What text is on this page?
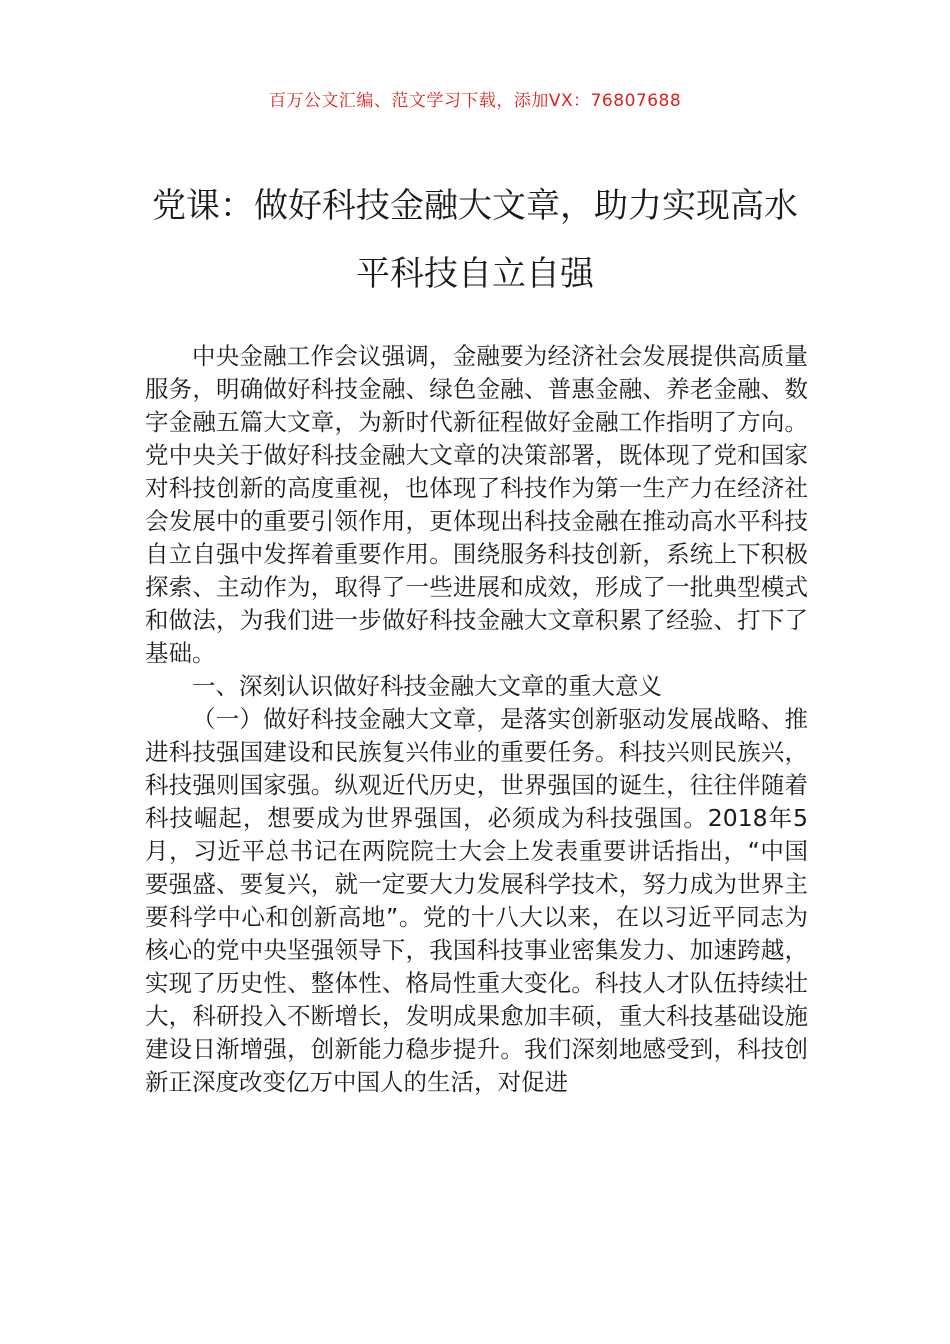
百万公文汇编、范文学习下载，添加VX：76807688
党课：做好科技金融大文章，助力实现高水平科技自立自强

中央金融工作会议强调，金融要为经济社会发展提供高质量服务，明确做好科技金融、绿色金融、普惠金融、养老金融、数字金融五篇大文章，为新时代新征程做好金融工作指明了方向。党中央关于做好科技金融大文章的决策部署，既体现了党和国家对科技创新的高度重视，也体现了科技作为第一生产力在经济社会发展中的重要引领作用，更体现出科技金融在推动高水平科技自立自强中发挥着重要作用。围绕服务科技创新，系统上下积极探索、主动作为，取得了一些进展和成效，形成了一批典型模式和做法，为我们进一步做好科技金融大文章积累了经验、打下了基础。

一、深刻认识做好科技金融大文章的重大意义

（一）做好科技金融大文章，是落实创新驱动发展战略、推进科技强国建设和民族复兴伟业的重要任务。科技兴则民族兴，科技强则国家强。纵观近代历史，世界强国的诞生，往往伴随着科技崛起，想要成为世界强国，必须成为科技强国。2018年5月，习近平总书记在两院院士大会上发表重要讲话指出，“中国要强盛、要复兴，就一定要大力发展科学技术，努力成为世界主要科学中心和创新高地”。党的十八大以来，在以习近平同志为核心的党中央坚强领导下，我国科技事业密集发力、加速跨越，实现了历史性、整体性、格局性重大变化。科技人才队伍持续壮大，科研投入不断增长，发明成果愈加丰硕，重大科技基础设施建设日渐增强，创新能力稳步提升。我们深刻地感受到，科技创新正深度改变亿万中国人的生活，对促进
